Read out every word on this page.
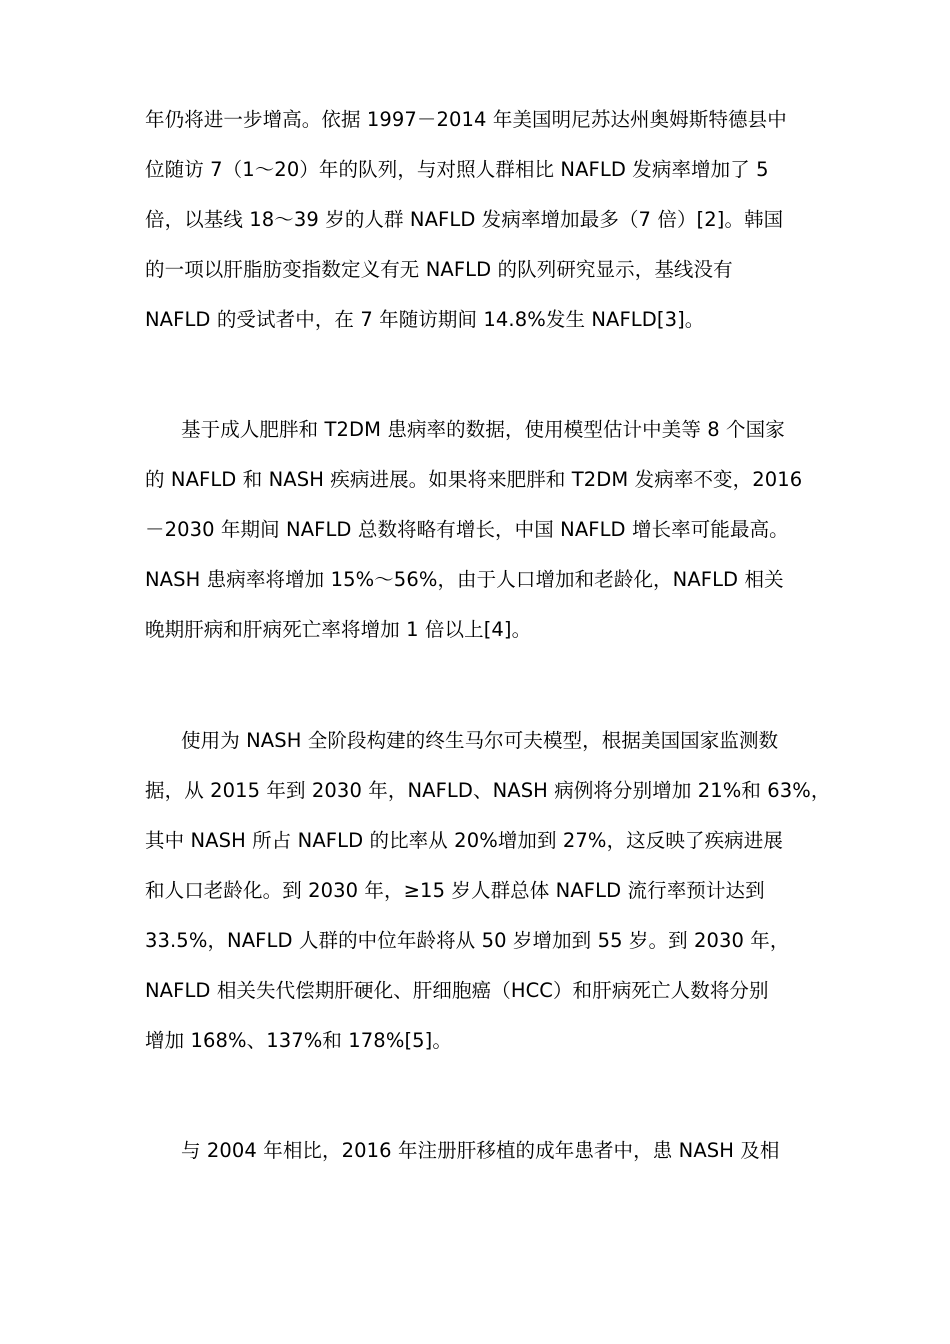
年仍将进一步增高。依据 1997－2014 年美国明尼苏达州奥姆斯特德县中
位随访 7（1～20）年的队列，与对照人群相比 NAFLD 发病率增加了 5
倍，以基线 18～39 岁的人群 NAFLD 发病率增加最多（7 倍）[2]。韩国
的一项以肝脂肪变指数定义有无 NAFLD 的队列研究显示，基线没有
NAFLD 的受试者中，在 7 年随访期间 14.8%发生 NAFLD[3]。
基于成人肥胖和 T2DM 患病率的数据，使用模型估计中美等 8 个国家
的 NAFLD 和 NASH 疾病进展。如果将来肥胖和 T2DM 发病率不变，2016
－2030 年期间 NAFLD 总数将略有增长，中国 NAFLD 增长率可能最高。
NASH 患病率将增加 15%～56%，由于人口增加和老龄化，NAFLD 相关
晚期肝病和肝病死亡率将增加 1 倍以上[4]。
使用为 NASH 全阶段构建的终生马尔可夫模型，根据美国国家监测数
据，从 2015 年到 2030 年，NAFLD、NASH 病例将分别增加 21%和 63%，
其中 NASH 所占 NAFLD 的比率从 20%增加到 27%，这反映了疾病进展
和人口老龄化。到 2030 年，≥15 岁人群总体 NAFLD 流行率预计达到
33.5%，NAFLD 人群的中位年龄将从 50 岁增加到 55 岁。到 2030 年，
NAFLD 相关失代偿期肝硬化、肝细胞癌（HCC）和肝病死亡人数将分别
增加 168%、137%和 178%[5]。
与 2004 年相比，2016 年注册肝移植的成年患者中，患 NASH 及相
